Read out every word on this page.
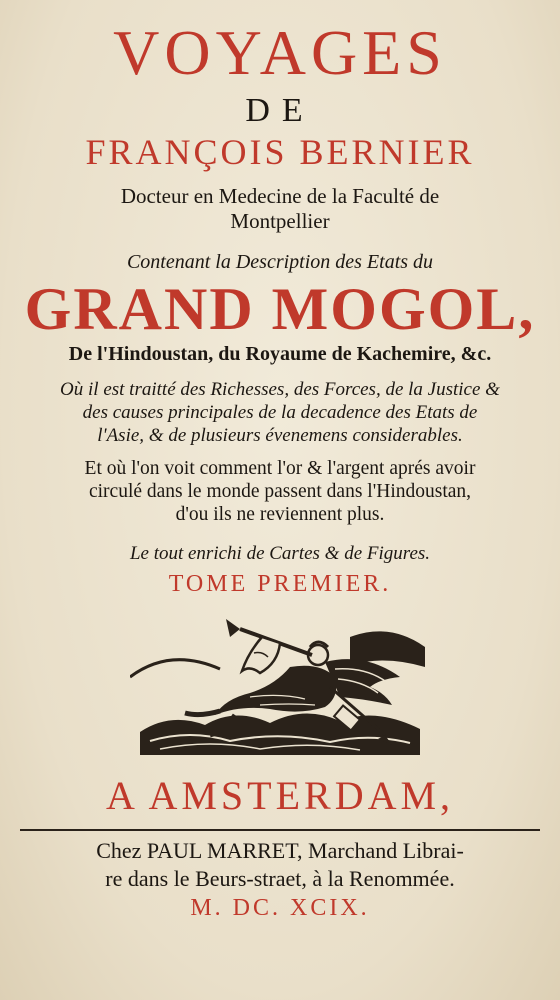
VOYAGES
DE
FRANÇOIS BERNIER
Docteur en Medecine de la Faculté de
Montpellier
Contenant la Description des Etats du
GRAND MOGOL,
De l'Hindoustan, du Royaume de Kachemire, &c.
Où il est traitté des Richesses, des Forces, de la Justice &
des causes principales de la decadence des Etats de
l'Asie, & de plusieurs évenemens considerables.
Et où l'on voit comment l'or & l'argent aprés avoir
circulé dans le monde passent dans l'Hindoustan,
d'ou ils ne reviennent plus.
Le tout enrichi de Cartes & de Figures.
TOME PREMIER.
A AMSTERDAM,
Chez PAUL MARRET, Marchand Librai-
re dans le Beurs-straet, à la Renommée.
M. DC. XCIX.
